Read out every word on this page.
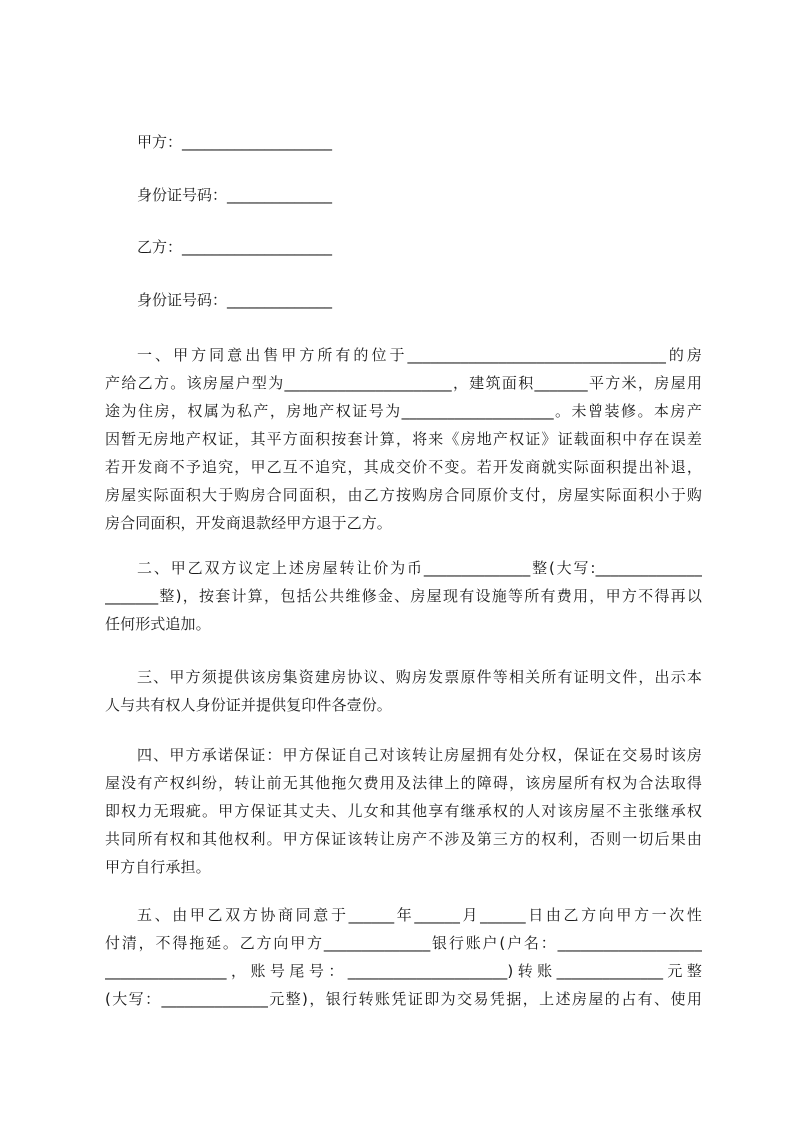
甲方：____________________
身份证号码：______________
乙方：____________________
身份证号码：______________
一、甲方同意出售甲方所有的位于__________________________________的房
产给乙方。该房屋户型为______________________，建筑面积_______平方米，房屋用
途为住房，权属为私产，房地产权证号为____________________。未曾装修。本房产
因暂无房地产权证，其平方面积按套计算，将来《房地产权证》证载面积中存在误差
若开发商不予追究，甲乙互不追究，其成交价不变。若开发商就实际面积提出补退，
房屋实际面积大于购房合同面积，由乙方按购房合同原价支付，房屋实际面积小于购
房合同面积，开发商退款经甲方退于乙方。
二、甲乙双方议定上述房屋转让价为币______________整(大写:______________
_______整)，按套计算，包括公共维修金、房屋现有设施等所有费用，甲方不得再以
任何形式追加。
三、甲方须提供该房集资建房协议、购房发票原件等相关所有证明文件，出示本
人与共有权人身份证并提供复印件各壹份。
四、甲方承诺保证：甲方保证自己对该转让房屋拥有处分权，保证在交易时该房
屋没有产权纠纷，转让前无其他拖欠费用及法律上的障碍，该房屋所有权为合法取得
即权力无瑕疵。甲方保证其丈夫、儿女和其他享有继承权的人对该房屋不主张继承权
共同所有权和其他权利。甲方保证该转让房产不涉及第三方的权利，否则一切后果由
甲方自行承担。
五、由甲乙双方协商同意于______年______月______日由乙方向甲方一次性
付清，不得拖延。乙方向甲方______________银行账户(户名：___________________
________________，账号尾号：_____________________)转账______________元整
(大写：______________元整)，银行转账凭证即为交易凭据，上述房屋的占有、使用
